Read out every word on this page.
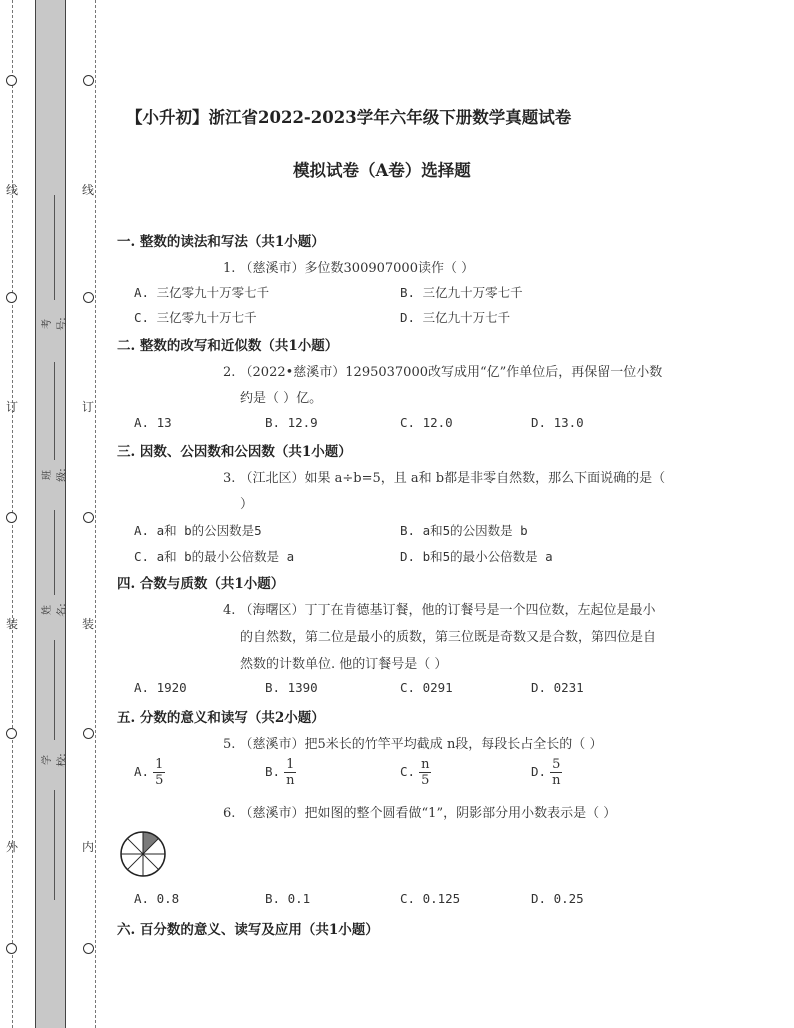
线
订
装
外
线
订
装
内
考号:
班级:
姓名:
学校:
【小升初】浙江省2022-2023学年六年级下册数学真题试卷
模拟试卷（A卷）选择题
一. 整数的读法和写法（共1小题）
1. （慈溪市）多位数300907000读作（ ）
A. 三亿零九十万零七千	B. 三亿九十万零七千
C. 三亿零九十万七千	D. 三亿九十万七千
二. 整数的改写和近似数（共1小题）
2. （2022•慈溪市）1295037000改写成用“亿”作单位后，再保留一位小数
约是（ ）亿。
A. 13	B. 12.9	C. 12.0	D. 13.0
三. 因数、公因数和公因数（共1小题）
3. （江北区）如果 a÷b=5，且 a和 b都是非零自然数，那么下面说确的是（
）
A. a和 b的公因数是5	B. a和5的公因数是 b
C. a和 b的最小公倍数是 a	D. b和5的最小公倍数是 a
四. 合数与质数（共1小题）
4. （海曙区）丁丁在肯德基订餐，他的订餐号是一个四位数，左起位是最小
的自然数，第二位是最小的质数，第三位既是奇数又是合数，第四位是自
然数的计数单位. 他的订餐号是（ ）
A. 1920	B. 1390	C. 0291	D. 0231
五. 分数的意义和读写（共2小题）
5. （慈溪市）把5米长的竹竿平均截成 n段，每段长占全长的（ ）
A. $\frac{1}{5}$	B. $\frac{1}{n}$	C. $\frac{n}{5}$	D. $\frac{5}{n}$
6. （慈溪市）把如图的整个圆看做“1”，阴影部分用小数表示是（ ）
A. 0.8	B. 0.1	C. 0.125	D. 0.25
六. 百分数的意义、读写及应用（共1小题）
